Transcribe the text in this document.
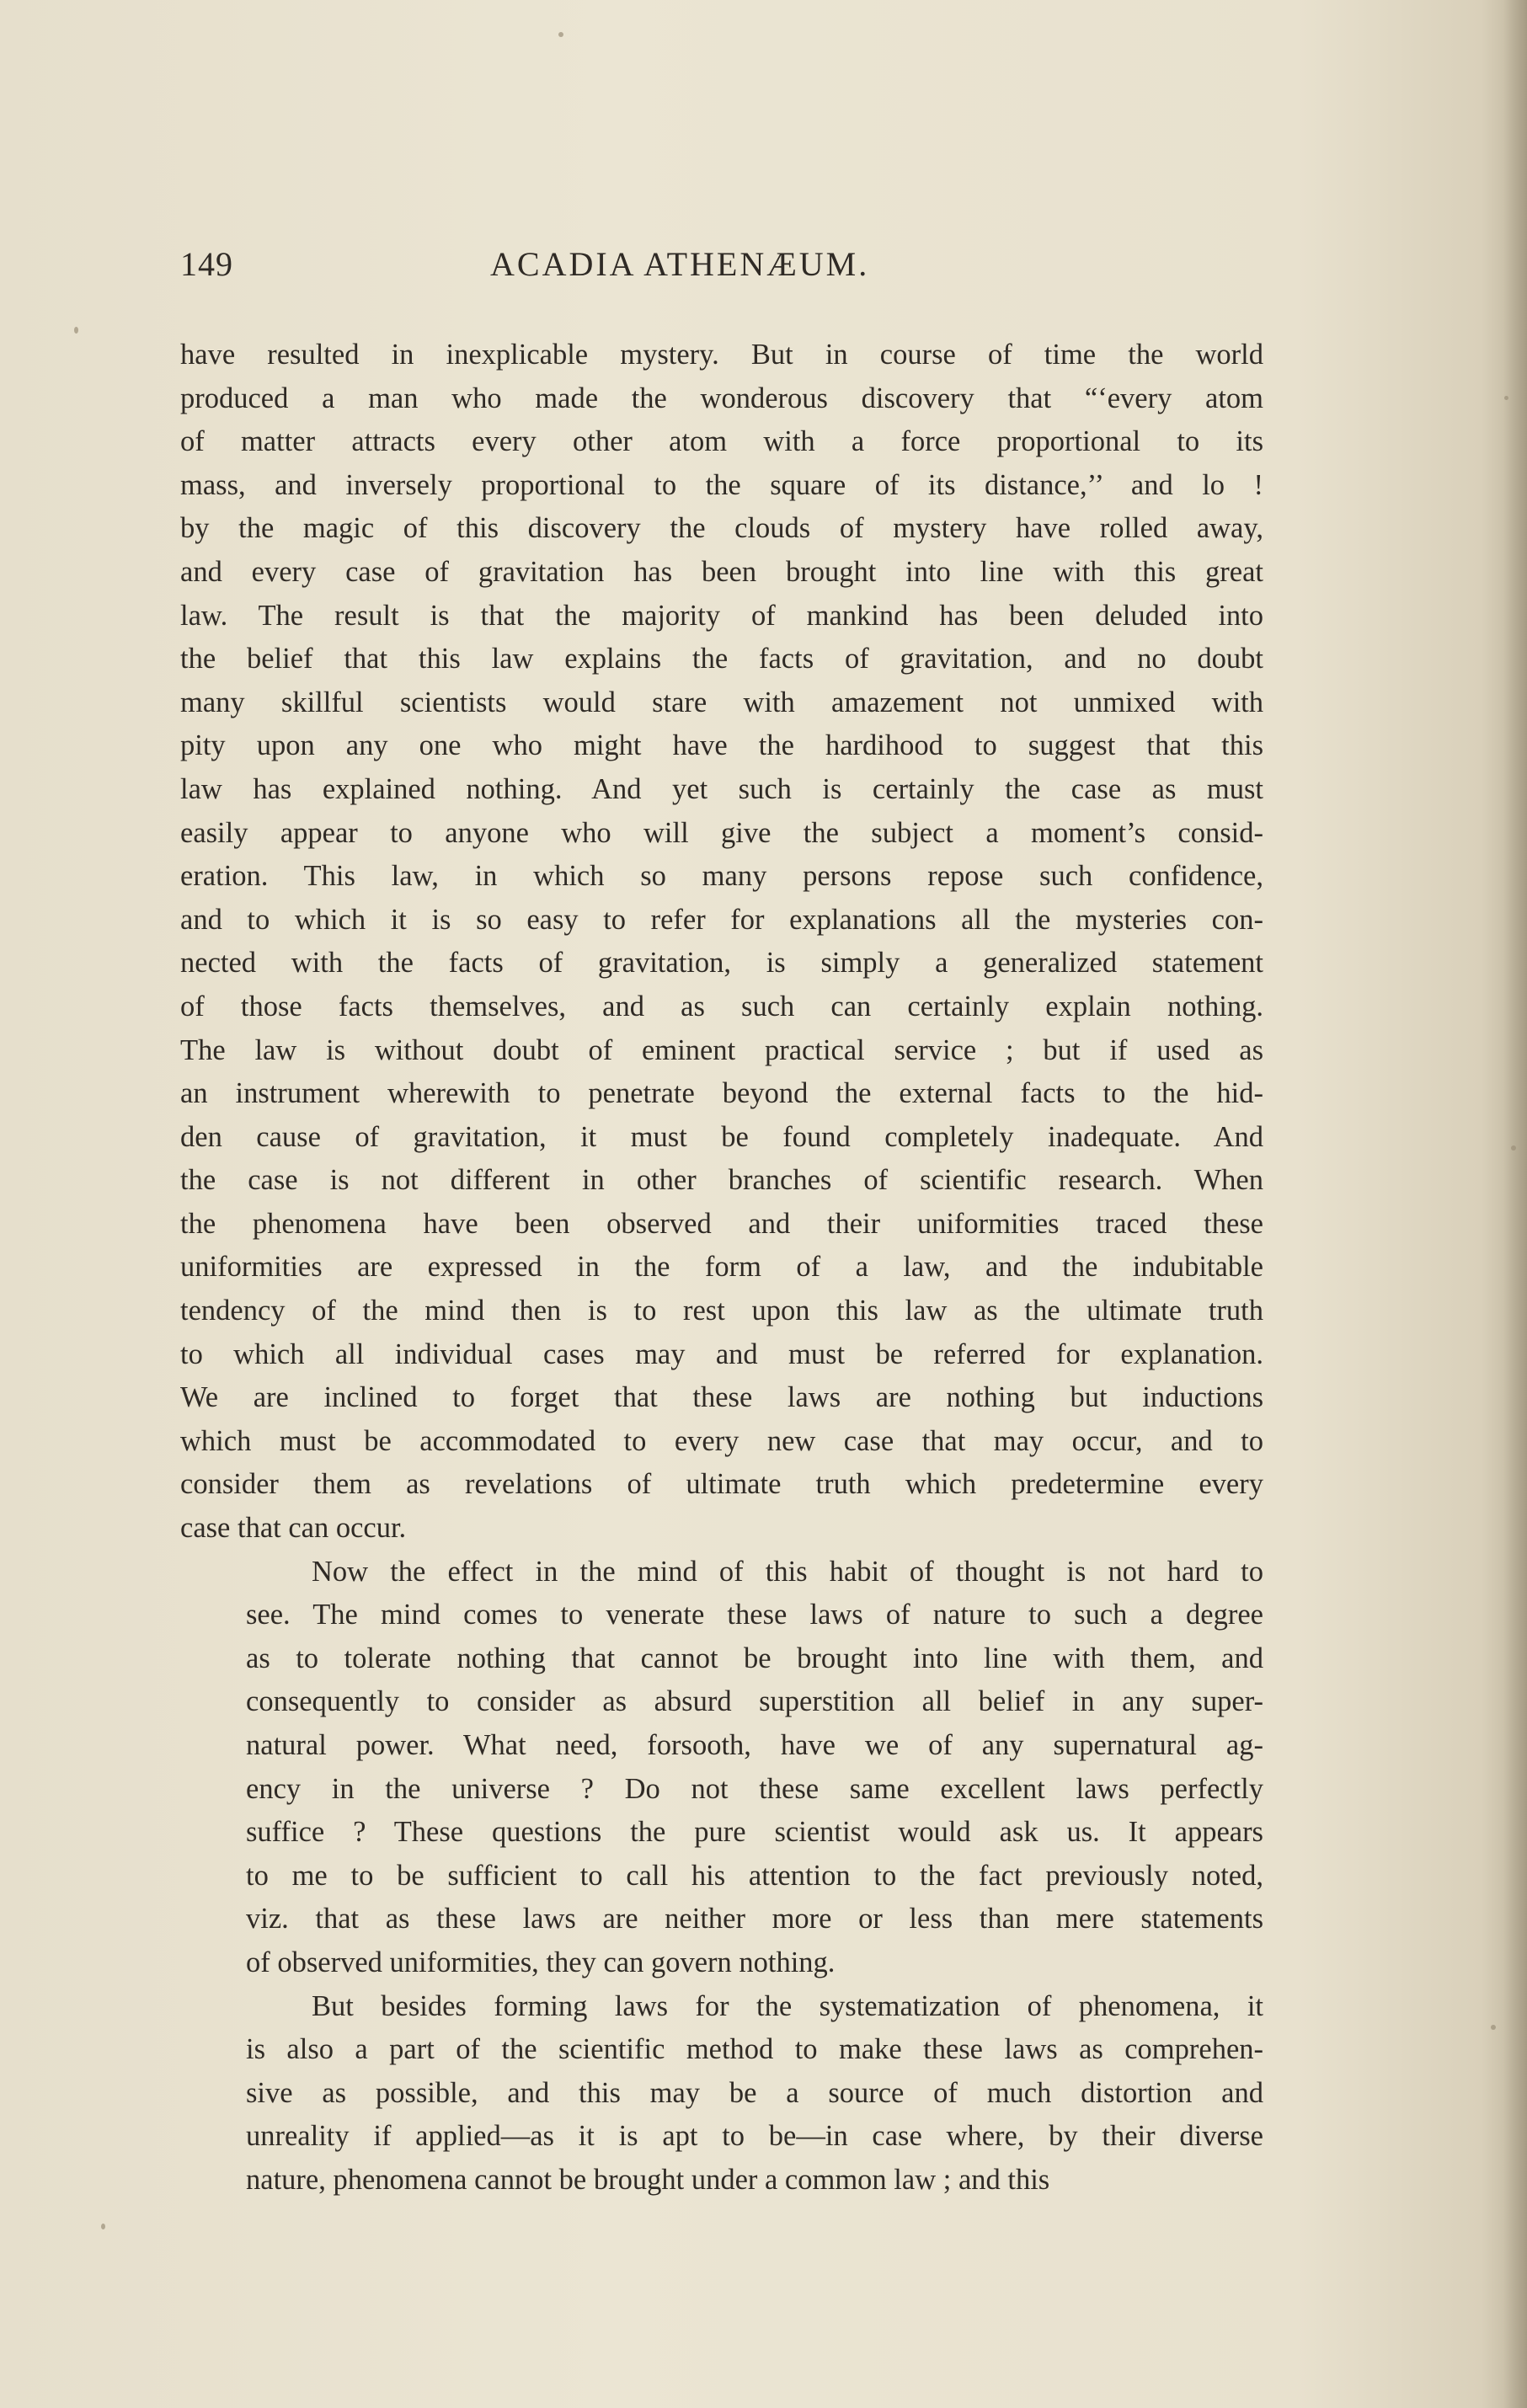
149	ACADIA ATHENÆUM.
have resulted in inexplicable mystery. But in course of time the world
produced a man who made the wonderous discovery that “‘every atom
of matter attracts every other atom with a force proportional to its
mass, and inversely proportional to the square of its distance,’’ and lo !
by the magic of this discovery the clouds of mystery have rolled away,
and every case of gravitation has been brought into line with this great
law. The result is that the majority of mankind has been deluded into
the belief that this law explains the facts of gravitation, and no doubt
many skillful scientists would stare with amazement not unmixed with
pity upon any one who might have the hardihood to suggest that this
law has explained nothing. And yet such is certainly the case as must
easily appear to anyone who will give the subject a moment’s consid-
eration. This law, in which so many persons repose such confidence,
and to which it is so easy to refer for explanations all the mysteries con-
nected with the facts of gravitation, is simply a generalized statement
of those facts themselves, and as such can certainly explain nothing.
The law is without doubt of eminent practical service ; but if used as
an instrument wherewith to penetrate beyond the external facts to the hid-
den cause of gravitation, it must be found completely inadequate. And
the case is not different in other branches of scientific research. When
the phenomena have been observed and their uniformities traced these
uniformities are expressed in the form of a law, and the indubitable
tendency of the mind then is to rest upon this law as the ultimate truth
to which all individual cases may and must be referred for explanation.
We are inclined to forget that these laws are nothing but inductions
which must be accommodated to every new case that may occur, and to
consider them as revelations of ultimate truth which predetermine every
case that can occur.
Now the effect in the mind of this habit of thought is not hard to
see. The mind comes to venerate these laws of nature to such a degree
as to tolerate nothing that cannot be brought into line with them, and
consequently to consider as absurd superstition all belief in any super-
natural power. What need, forsooth, have we of any supernatural ag-
ency in the universe ? Do not these same excellent laws perfectly
suffice ? These questions the pure scientist would ask us. It appears
to me to be sufficient to call his attention to the fact previously noted,
viz. that as these laws are neither more or less than mere statements
of observed uniformities, they can govern nothing.
But besides forming laws for the systematization of phenomena, it
is also a part of the scientific method to make these laws as comprehen-
sive as possible, and this may be a source of much distortion and
unreality if applied—as it is apt to be—in case where, by their diverse
nature, phenomena cannot be brought under a common law ; and this
